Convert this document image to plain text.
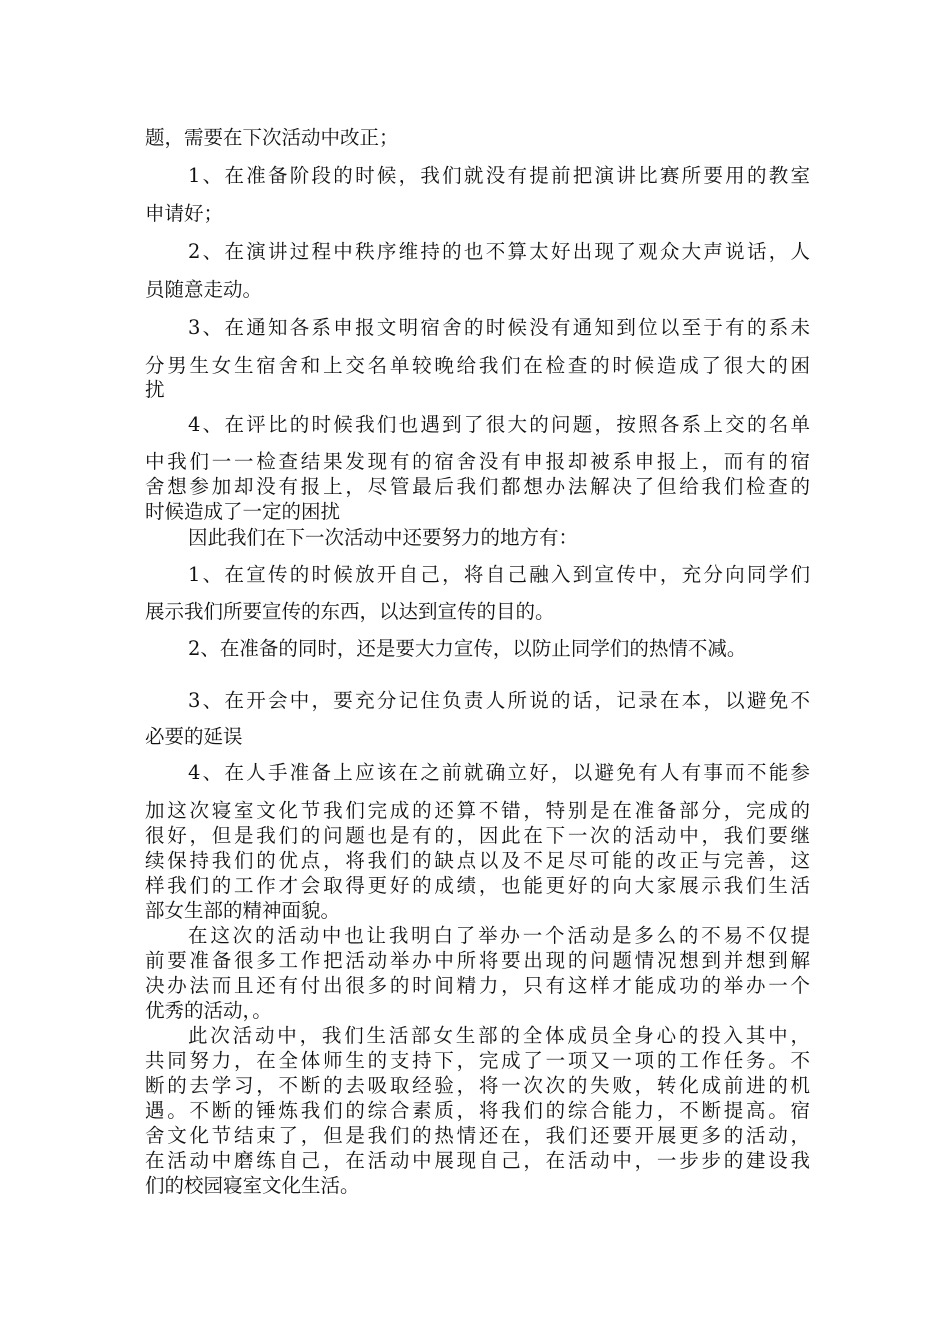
题，需要在下次活动中改正；
1、在准备阶段的时候，我们就没有提前把演讲比赛所要用的教室
申请好；
2、在演讲过程中秩序维持的也不算太好出现了观众大声说话，人
员随意走动。
3、在通知各系申报文明宿舍的时候没有通知到位以至于有的系未
分男生女生宿舍和上交名单较晚给我们在检查的时候造成了很大的困
扰
4、在评比的时候我们也遇到了很大的问题，按照各系上交的名单
中我们一一检查结果发现有的宿舍没有申报却被系申报上，而有的宿
舍想参加却没有报上，尽管最后我们都想办法解决了但给我们检查的
时候造成了一定的困扰
因此我们在下一次活动中还要努力的地方有：
1、在宣传的时候放开自己，将自己融入到宣传中，充分向同学们
展示我们所要宣传的东西，以达到宣传的目的。
2、在准备的同时，还是要大力宣传，以防止同学们的热情不减。
3、在开会中，要充分记住负责人所说的话，记录在本，以避免不
必要的延误
4、在人手准备上应该在之前就确立好，以避免有人有事而不能参
加这次寝室文化节我们完成的还算不错，特别是在准备部分，完成的
很好，但是我们的问题也是有的，因此在下一次的活动中，我们要继
续保持我们的优点，将我们的缺点以及不足尽可能的改正与完善，这
样我们的工作才会取得更好的成绩，也能更好的向大家展示我们生活
部女生部的精神面貌。
在这次的活动中也让我明白了举办一个活动是多么的不易不仅提
前要准备很多工作把活动举办中所将要出现的问题情况想到并想到解
决办法而且还有付出很多的时间精力，只有这样才能成功的举办一个
优秀的活动，。
此次活动中，我们生活部女生部的全体成员全身心的投入其中，
共同努力，在全体师生的支持下，完成了一项又一项的工作任务。不
断的去学习，不断的去吸取经验，将一次次的失败，转化成前进的机
遇。不断的锤炼我们的综合素质，将我们的综合能力，不断提高。宿
舍文化节结束了，但是我们的热情还在，我们还要开展更多的活动，
在活动中磨练自己，在活动中展现自己，在活动中，一步步的建设我
们的校园寝室文化生活。
